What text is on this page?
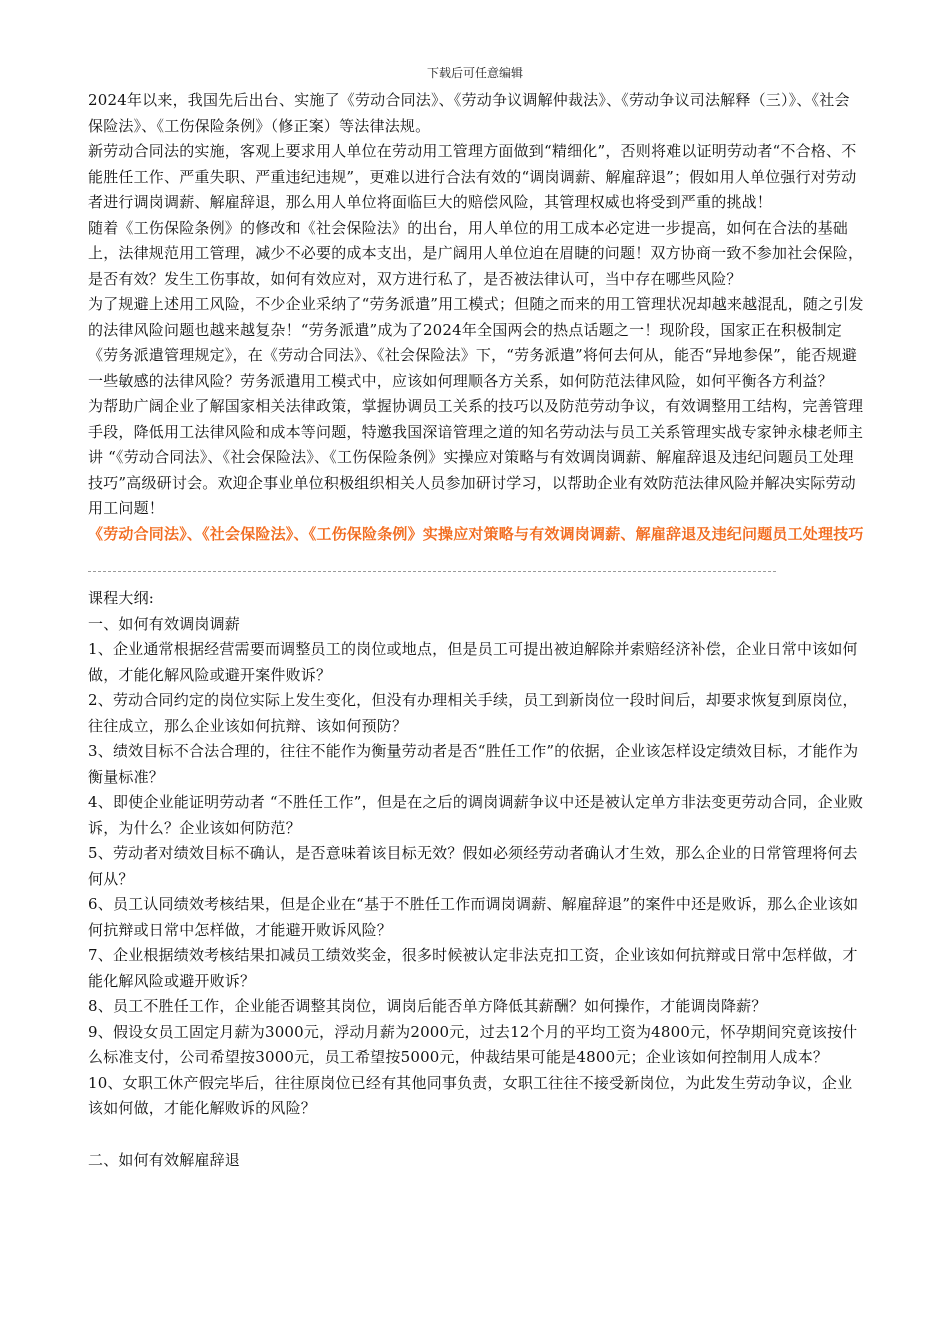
下载后可任意编辑

2024年以来，我国先后出台、实施了《劳动合同法》、《劳动争议调解仲裁法》、《劳动争议司法解释（三）》、《社会保险法》、《工伤保险条例》（修正案）等法律法规。

新劳动合同法的实施，客观上要求用人单位在劳动用工管理方面做到“精细化”，否则将难以证明劳动者“不合格、不能胜任工作、严重失职、严重违纪违规”，更难以进行合法有效的“调岗调薪、解雇辞退”；假如用人单位强行对劳动者进行调岗调薪、解雇辞退，那么用人单位将面临巨大的赔偿风险，其管理权威也将受到严重的挑战！

随着《工伤保险条例》的修改和《社会保险法》的出台，用人单位的用工成本必定进一步提高，如何在合法的基础上，法律规范用工管理，减少不必要的成本支出，是广阔用人单位迫在眉睫的问题！双方协商一致不参加社会保险，是否有效？发生工伤事故，如何有效应对，双方进行私了，是否被法律认可，当中存在哪些风险？

为了规避上述用工风险，不少企业采纳了“劳务派遣”用工模式；但随之而来的用工管理状况却越来越混乱，随之引发的法律风险问题也越来越复杂！“劳务派遣”成为了2024年全国两会的热点话题之一！现阶段，国家正在积极制定《劳务派遣管理规定》，在《劳动合同法》、《社会保险法》下，“劳务派遣”将何去何从，能否“异地参保”，能否规避一些敏感的法律风险？劳务派遣用工模式中，应该如何理顺各方关系，如何防范法律风险，如何平衡各方利益？

为帮助广阔企业了解国家相关法律政策，掌握协调员工关系的技巧以及防范劳动争议，有效调整用工结构，完善管理手段，降低用工法律风险和成本等问题，特邀我国深谙管理之道的知名劳动法与员工关系管理实战专家钟永棣老师主讲 “《劳动合同法》、《社会保险法》、《工伤保险条例》实操应对策略与有效调岗调薪、解雇辞退及违纪问题员工处理技巧”高级研讨会。欢迎企事业单位积极组织相关人员参加研讨学习，以帮助企业有效防范法律风险并解决实际劳动用工问题！

《劳动合同法》、《社会保险法》、《工伤保险条例》实操应对策略与有效调岗调薪、解雇辞退及违纪问题员工处理技巧

课程大纲:

一、如何有效调岗调薪

1、企业通常根据经营需要而调整员工的岗位或地点，但是员工可提出被迫解除并索赔经济补偿，企业日常中该如何做，才能化解风险或避开案件败诉？

2、劳动合同约定的岗位实际上发生变化，但没有办理相关手续，员工到新岗位一段时间后，却要求恢复到原岗位，往往成立，那么企业该如何抗辩、该如何预防？

3、绩效目标不合法合理的，往往不能作为衡量劳动者是否“胜任工作”的依据，企业该怎样设定绩效目标，才能作为衡量标准？

4、即使企业能证明劳动者 “不胜任工作”，但是在之后的调岗调薪争议中还是被认定单方非法变更劳动合同，企业败诉，为什么？企业该如何防范？

5、劳动者对绩效目标不确认，是否意味着该目标无效？假如必须经劳动者确认才生效，那么企业的日常管理将何去何从？

6、员工认同绩效考核结果，但是企业在“基于不胜任工作而调岗调薪、解雇辞退”的案件中还是败诉，那么企业该如何抗辩或日常中怎样做，才能避开败诉风险？

7、企业根据绩效考核结果扣减员工绩效奖金，很多时候被认定非法克扣工资，企业该如何抗辩或日常中怎样做，才能化解风险或避开败诉？

8、员工不胜任工作，企业能否调整其岗位，调岗后能否单方降低其薪酬？如何操作，才能调岗降薪？

9、假设女员工固定月薪为3000元，浮动月薪为2000元，过去12个月的平均工资为4800元，怀孕期间究竟该按什么标准支付，公司希望按3000元，员工希望按5000元，仲裁结果可能是4800元；企业该如何控制用人成本？

10、女职工休产假完毕后，往往原岗位已经有其他同事负责，女职工往往不接受新岗位，为此发生劳动争议，企业该如何做，才能化解败诉的风险？

二、如何有效解雇辞退
